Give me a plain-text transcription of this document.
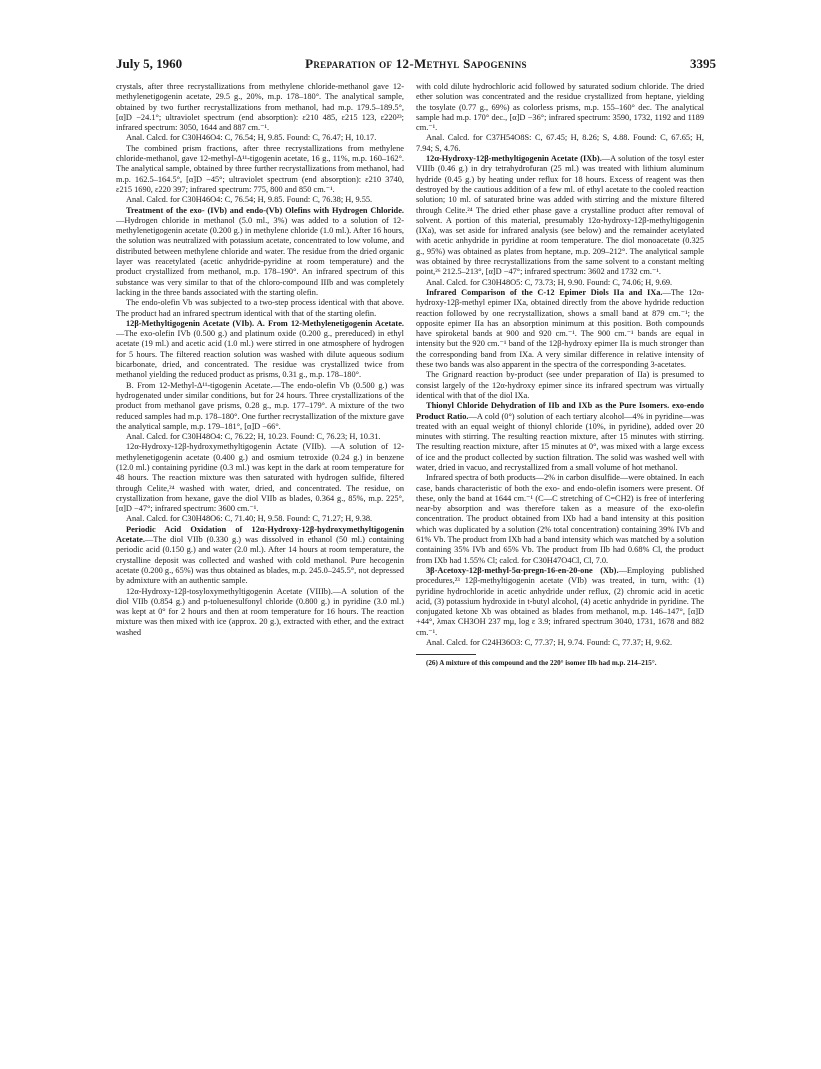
July 5, 1960	Preparation of 12-Methyl Sapogenins	3395

crystals, after three recrystallizations from methylene chloride-methanol gave 12-methylenetigogenin acetate, 29.5 g., 20%, m.p. 178–180°. The analytical sample, obtained by two further recrystallizations from methanol, had m.p. 179.5–189.5°, [α]D −24.1°; ultraviolet spectrum (end absorption): ε210 485, ε215 123, ε220²³; infrared spectrum: 3050, 1644 and 887 cm.⁻¹.

Anal. Calcd. for C30H46O4: C, 76.54; H, 9.85. Found: C, 76.47; H, 10.17.

The combined prism fractions, after three recrystallizations from methylene chloride-methanol, gave 12-methyl-Δ¹¹-tigogenin acetate, 16 g., 11%, m.p. 160–162°. The analytical sample, obtained by three further recrystallizations from methanol, had m.p. 162.5–164.5°, [α]D −45°; ultraviolet spectrum (end absorption): ε210 3740, ε215 1690, ε220 397; infrared spectrum: 775, 800 and 850 cm.⁻¹.

Anal. Calcd. for C30H46O4: C, 76.54; H, 9.85. Found: C, 76.38; H, 9.55.

Treatment of the exo- (IVb) and endo-(Vb) Olefins with Hydrogen Chloride.—Hydrogen chloride in methanol (5.0 ml., 3%) was added to a solution of 12-methylenetigogenin acetate (0.200 g.) in methylene chloride (1.0 ml.). After 16 hours, the solution was neutralized with potassium acetate, concentrated to low volume, and distributed between methylene chloride and water. The residue from the dried organic layer was reacetylated (acetic anhydride-pyridine at room temperature) and the product crystallized from methanol, m.p. 178–190°. An infrared spectrum of this substance was very similar to that of the chloro-compound IIIb and was completely lacking in the three bands associated with the starting olefin.

The endo-olefin Vb was subjected to a two-step process identical with that above. The product had an infrared spectrum identical with that of the starting olefin.

12β-Methyltigogenin Acetate (VIb). A. From 12-Methylenetigogenin Acetate.—The exo-olefin IVb (0.500 g.) and platinum oxide (0.200 g., prereduced) in ethyl acetate (19 ml.) and acetic acid (1.0 ml.) were stirred in one atmosphere of hydrogen for 5 hours. The filtered reaction solution was washed with dilute aqueous sodium bicarbonate, dried, and concentrated. The residue was crystallized twice from methanol yielding the reduced product as prisms, 0.31 g., m.p. 178–180°.

B. From 12-Methyl-Δ¹¹-tigogenin Acetate.—The endo-olefin Vb (0.500 g.) was hydrogenated under similar conditions, but for 24 hours. Three crystallizations of the product from methanol gave prisms, 0.28 g., m.p. 177–179°. A mixture of the two reduced samples had m.p. 178–180°. One further recrystallization of the mixture gave the analytical sample, m.p. 179–181°, [α]D −66°.

Anal. Calcd. for C30H48O4: C, 76.22; H, 10.23. Found: C, 76.23; H, 10.31.

12α-Hydroxy-12β-hydroxymethyltigogenin Actate (VIIb). —A solution of 12-methylenetigogenin acetate (0.400 g.) and osmium tetroxide (0.24 g.) in benzene (12.0 ml.) containing pyridine (0.3 ml.) was kept in the dark at room temperature for 48 hours. The reaction mixture was then saturated with hydrogen sulfide, filtered through Celite,²⁴ washed with water, dried, and concentrated. The residue, on crystallization from hexane, gave the diol VIIb as blades, 0.364 g., 85%, m.p. 225°, [α]D −47°; infrared spectrum: 3600 cm.⁻¹.

Anal. Calcd. for C30H48O6: C, 71.40; H, 9.58. Found: C, 71.27; H, 9.38.

Periodic Acid Oxidation of 12α-Hydroxy-12β-hydroxymethyltigogenin Acetate.—The diol VIIb (0.330 g.) was dissolved in ethanol (50 ml.) containing periodic acid (0.150 g.) and water (2.0 ml.). After 14 hours at room temperature, the crystalline deposit was collected and washed with cold methanol. Pure hecogenin acetate (0.200 g., 65%) was thus obtained as blades, m.p. 245.0–245.5°, not depressed by admixture with an authentic sample.

12α-Hydroxy-12β-tosyloxymethyltigogenin Acetate (VIIIb).—A solution of the diol VIIb (0.854 g.) and p-toluenesulfonyl chloride (0.800 g.) in pyridine (3.0 ml.) was kept at 0° for 2 hours and then at room temperature for 16 hours. The reaction mixture was then mixed with ice (approx. 20 g.), extracted with ether, and the extract washed

with cold dilute hydrochloric acid followed by saturated sodium chloride. The dried ether solution was concentrated and the residue crystallized from heptane, yielding the tosylate (0.77 g., 69%) as colorless prisms, m.p. 155–160° dec. The analytical sample had m.p. 170° dec., [α]D −36°; infrared spectrum: 3590, 1732, 1192 and 1189 cm.⁻¹.

Anal. Calcd. for C37H54O8S: C, 67.45; H, 8.26; S, 4.88. Found: C, 67.65; H, 7.94; S, 4.76.

12α-Hydroxy-12β-methyltigogenin Acetate (IXb).—A solution of the tosyl ester VIIIb (0.46 g.) in dry tetrahydrofuran (25 ml.) was treated with lithium aluminum hydride (0.45 g.) by heating under reflux for 18 hours. Excess of reagent was then destroyed by the cautious addition of a few ml. of ethyl acetate to the cooled reaction solution; 10 ml. of saturated brine was added with stirring and the mixture filtered through Celite.²⁴ The dried ether phase gave a crystalline product after removal of solvent. A portion of this material, presumably 12α-hydroxy-12β-methyltigogenin (IXa), was set aside for infrared analysis (see below) and the remainder acetylated with acetic anhydride in pyridine at room temperature. The diol monoacetate (0.325 g., 95%) was obtained as plates from heptane, m.p. 209–212°. The analytical sample was obtained by three recrystallizations from the same solvent to a constant melting point,²⁶ 212.5–213°, [α]D −47°; infrared spectrum: 3602 and 1732 cm.⁻¹.

Anal. Calcd. for C30H48O5: C, 73.73; H, 9.90. Found: C, 74.06; H, 9.69.

Infrared Comparison of the C-12 Epimer Diols IIa and IXa.—The 12α-hydroxy-12β-methyl epimer IXa, obtained directly from the above hydride reduction reaction followed by one recrystallization, shows a small band at 879 cm.⁻¹; the opposite epimer IIa has an absorption minimum at this position. Both compounds have spiroketal bands at 900 and 920 cm.⁻¹. The 900 cm.⁻¹ bands are equal in intensity but the 920 cm.⁻¹ band of the 12β-hydroxy epimer IIa is much stronger than the corresponding band from IXa. A very similar difference in relative intensity of these two bands was also apparent in the spectra of the corresponding 3-acetates.

The Grignard reaction by-product (see under preparation of IIa) is presumed to consist largely of the 12α-hydroxy epimer since its infrared spectrum was virtually identical with that of the diol IXa.

Thionyl Chloride Dehydration of IIb and IXb as the Pure Isomers. exo-endo Product Ratio.—A cold (0°) solution of each tertiary alcohol—4% in pyridine—was treated with an equal weight of thionyl chloride (10%, in pyridine), added over 20 minutes with stirring. The resulting reaction mixture, after 15 minutes with stirring. The resulting reaction mixture, after 15 minutes at 0°, was mixed with a large excess of ice and the product collected by suction filtration. The solid was washed well with water, dried in vacuo, and recrystallized from a small volume of hot methanol.

Infrared spectra of both products—2% in carbon disulfide—were obtained. In each case, bands characteristic of both the exo- and endo-olefin isomers were present. Of these, only the band at 1644 cm.⁻¹ (C—C stretching of C=CH2) is free of interfering near-by absorption and was therefore taken as a measure of the exo-olefin concentration. The product obtained from IXb had a band intensity at this position which was duplicated by a solution (2% total concentration) containing 39% IVb and 61% Vb. The product from IXb had a band intensity which was matched by a solution containing 35% IVb and 65% Vb. The product from IIb had 0.68% Cl, the product from IXb had 1.55% Cl; calcd. for C30H47O4Cl, Cl, 7.0.

3β-Acetoxy-12β-methyl-5α-pregn-16-en-20-one (Xb).—Employing published procedures,²³ 12β-methyltigogenin acetate (VIb) was treated, in turn, with: (1) pyridine hydrochloride in acetic anhydride under reflux, (2) chromic acid in acetic acid, (3) potassium hydroxide in t-butyl alcohol, (4) acetic anhydride in pyridine. The conjugated ketone Xb was obtained as blades from methanol, m.p. 146–147°, [α]D +44°, λmax CH3OH 237 mμ, log ε 3.9; infrared spectrum 3040, 1731, 1678 and 882 cm.⁻¹.

Anal. Calcd. for C24H36O3: C, 77.37; H, 9.74. Found: C, 77.37; H, 9.62.

(26) A mixture of this compound and the 220° isomer IIb had m.p. 214–215°.
